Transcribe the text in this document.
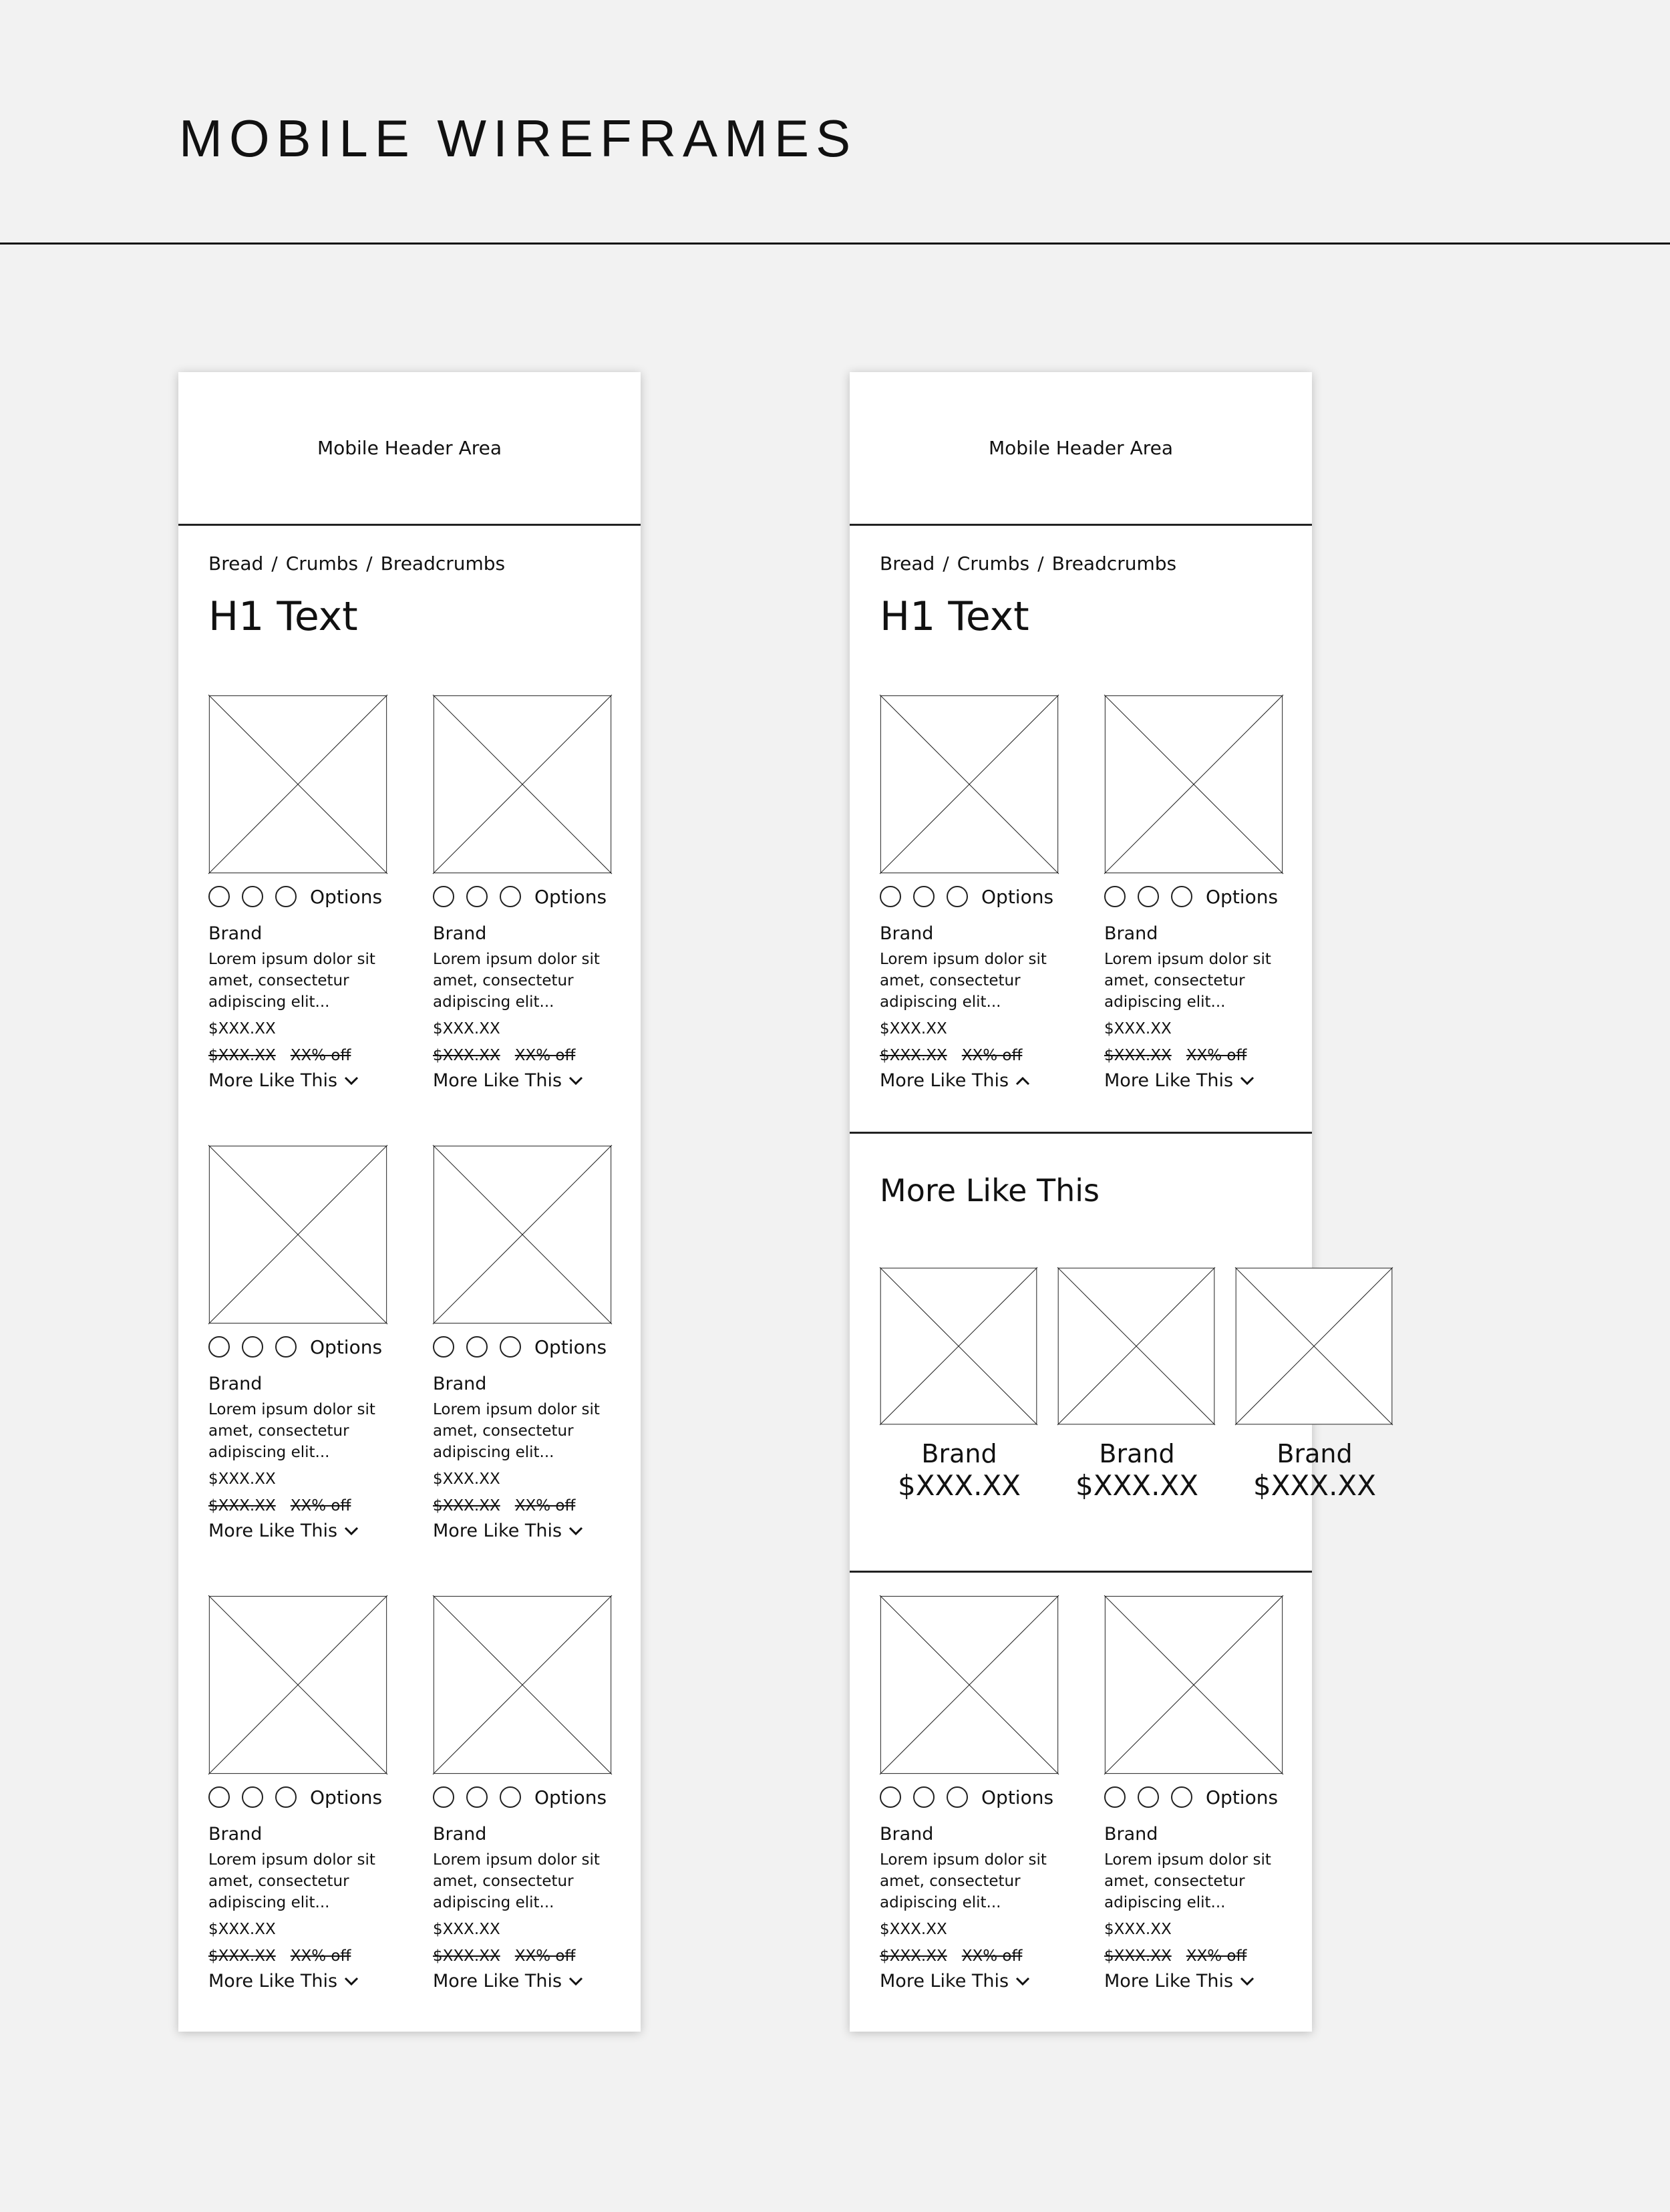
MOBILE WIREFRAMES
Mobile Header Area
Bread / Crumbs / Breadcrumbs
H1 Text
Options
Brand
Lorem ipsum dolor sit amet, consectetur adipiscing elit...
$XXX.XX
$XXX.XX XX% off
More Like This
Options
Brand
Lorem ipsum dolor sit amet, consectetur adipiscing elit...
$XXX.XX
$XXX.XX XX% off
More Like This
Options
Brand
Lorem ipsum dolor sit amet, consectetur adipiscing elit...
$XXX.XX
$XXX.XX XX% off
More Like This
Options
Brand
Lorem ipsum dolor sit amet, consectetur adipiscing elit...
$XXX.XX
$XXX.XX XX% off
More Like This
Options
Brand
Lorem ipsum dolor sit amet, consectetur adipiscing elit...
$XXX.XX
$XXX.XX XX% off
More Like This
Options
Brand
Lorem ipsum dolor sit amet, consectetur adipiscing elit...
$XXX.XX
$XXX.XX XX% off
More Like This
Mobile Header Area
Bread / Crumbs / Breadcrumbs
H1 Text
Options
Brand
Lorem ipsum dolor sit amet, consectetur adipiscing elit...
$XXX.XX
$XXX.XX XX% off
More Like This
Options
Brand
Lorem ipsum dolor sit amet, consectetur adipiscing elit...
$XXX.XX
$XXX.XX XX% off
More Like This
More Like This
Brand
$XXX.XX
Brand
$XXX.XX
Brand
$XXX.XX
Options
Brand
Lorem ipsum dolor sit amet, consectetur adipiscing elit...
$XXX.XX
$XXX.XX XX% off
More Like This
Options
Brand
Lorem ipsum dolor sit amet, consectetur adipiscing elit...
$XXX.XX
$XXX.XX XX% off
More Like This
